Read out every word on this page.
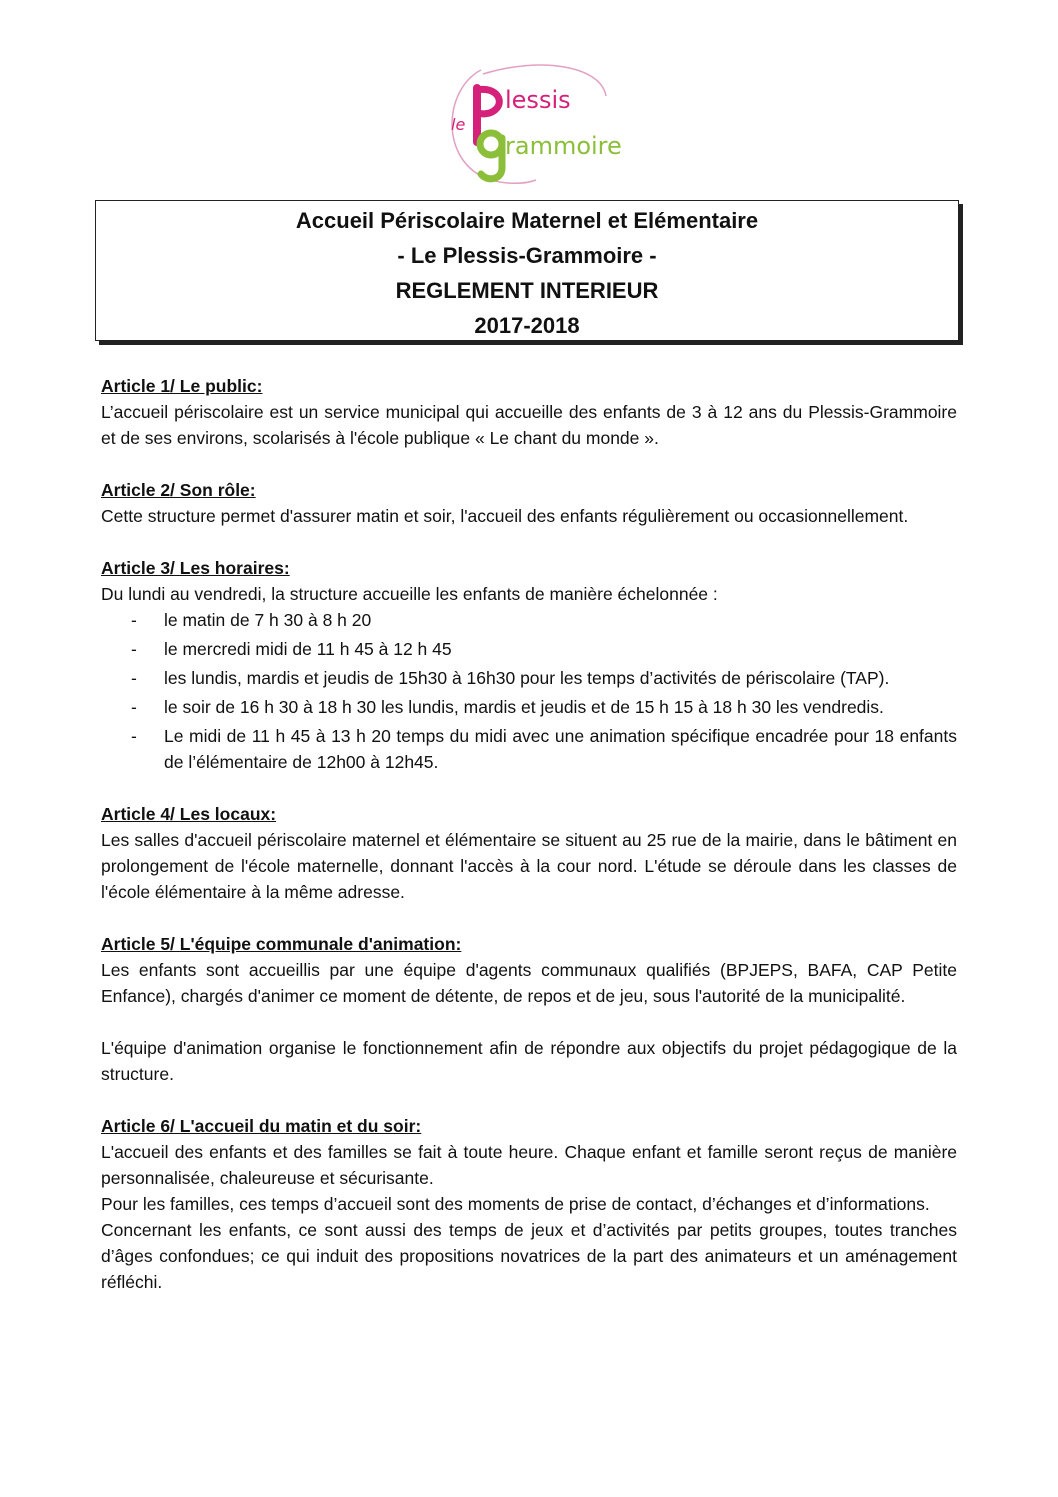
le
lessis
rammoire
Accueil Périscolaire Maternel et Elémentaire
- Le Plessis-Grammoire -
REGLEMENT INTERIEUR
2017-2018
Article 1/ Le public:

L’accueil périscolaire est un service municipal qui accueille des enfants de 3 à 12 ans du Plessis-Grammoire et de ses environs, scolarisés à l'école publique « Le chant du monde ».

Article 2/ Son rôle:

Cette structure permet d'assurer matin et soir, l'accueil des enfants régulièrement ou occasionnellement.

Article 3/ Les horaires:

Du lundi au vendredi, la structure accueille les enfants de manière échelonnée :

- le matin de 7 h 30 à 8 h 20
- le mercredi midi de 11 h 45 à 12 h 45
- les lundis, mardis et jeudis de 15h30 à 16h30 pour les temps d’activités de périscolaire (TAP).
- le soir de 16 h 30 à 18 h 30 les lundis, mardis et jeudis et de 15 h 15 à 18 h 30 les vendredis.
- Le midi de 11 h 45 à 13 h 20 temps du midi avec une animation spécifique encadrée pour 18 enfants de l’élémentaire de 12h00 à 12h45.
Article 4/ Les locaux:

Les salles d'accueil périscolaire maternel et élémentaire se situent au 25 rue de la mairie, dans le bâtiment en prolongement de l'école maternelle, donnant l'accès à la cour nord. L'étude se déroule dans les classes de l'école élémentaire à la même adresse.

Article 5/ L'équipe communale d'animation:

Les enfants sont accueillis par une équipe d'agents communaux qualifiés (BPJEPS, BAFA, CAP Petite Enfance), chargés d'animer ce moment de détente, de repos et de jeu, sous l'autorité de la municipalité.

L'équipe d'animation organise le fonctionnement afin de répondre aux objectifs du projet pédagogique de la structure.

Article 6/ L'accueil du matin et du soir:

L'accueil des enfants et des familles se fait à toute heure. Chaque enfant et famille seront reçus de manière personnalisée, chaleureuse et sécurisante.

Pour les familles, ces temps d’accueil sont des moments de prise de contact, d’échanges et d’informations.

Concernant les enfants, ce sont aussi des temps de jeux et d’activités par petits groupes, toutes tranches d’âges confondues; ce qui induit des propositions novatrices de la part des animateurs et un aménagement réfléchi.
